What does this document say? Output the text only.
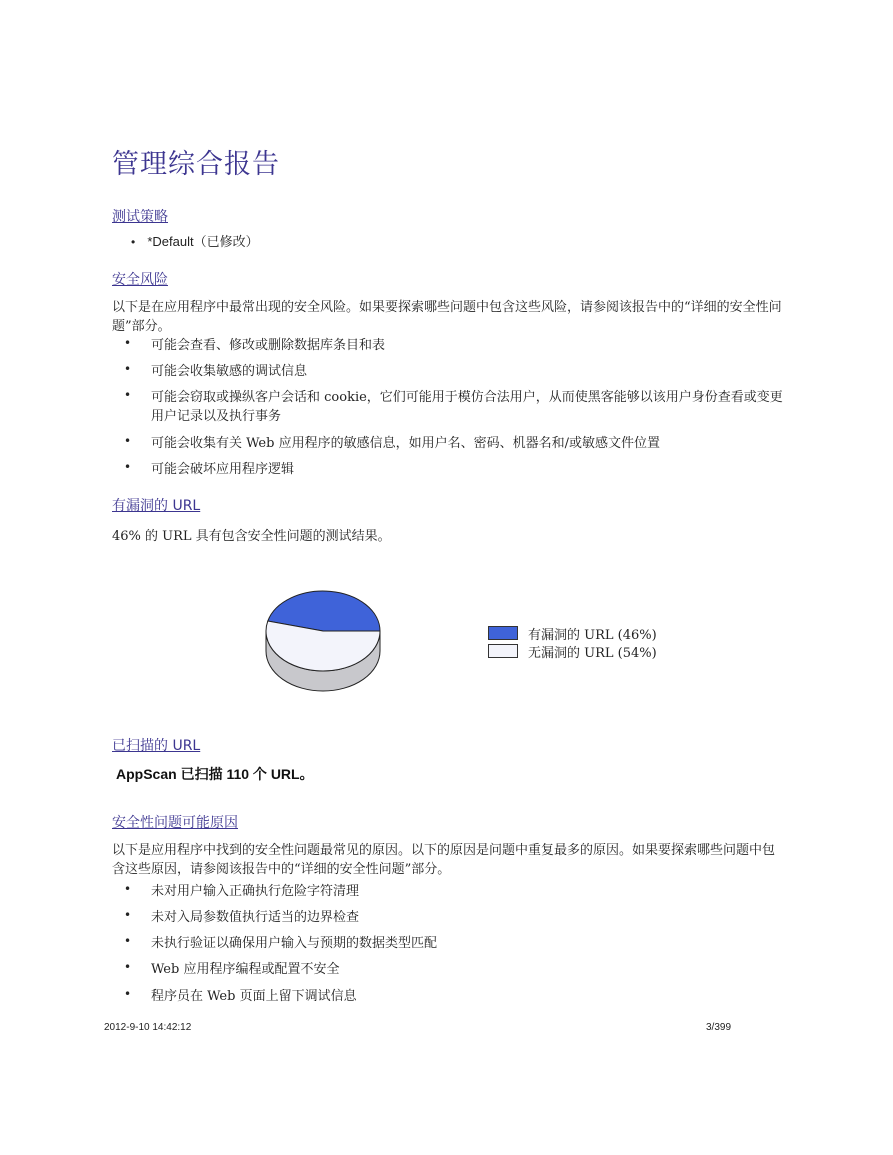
管理综合报告
测试策略
• *Default（已修改）
安全风险
以下是在应用程序中最常出现的安全风险。如果要探索哪些问题中包含这些风险，请参阅该报告中的“详细的安全性问题”部分。
• 可能会查看、修改或删除数据库条目和表
• 可能会收集敏感的调试信息
• 可能会窃取或操纵客户会话和 cookie，它们可能用于模仿合法用户，从而使黑客能够以该用户身份查看或变更用户记录以及执行事务
• 可能会收集有关 Web 应用程序的敏感信息，如用户名、密码、机器名和/或敏感文件位置
• 可能会破坏应用程序逻辑
有漏洞的 URL
46% 的 URL 具有包含安全性问题的测试结果。
有漏洞的 URL (46%)
无漏洞的 URL (54%)
已扫描的 URL
AppScan 已扫描 110 个 URL。
安全性问题可能原因
以下是应用程序中找到的安全性问题最常见的原因。以下的原因是问题中重复最多的原因。如果要探索哪些问题中包含这些原因，请参阅该报告中的“详细的安全性问题”部分。
• 未对用户输入正确执行危险字符清理
• 未对入局参数值执行适当的边界检查
• 未执行验证以确保用户输入与预期的数据类型匹配
• Web 应用程序编程或配置不安全
• 程序员在 Web 页面上留下调试信息
2012-9-10 14:42:12	3/399
